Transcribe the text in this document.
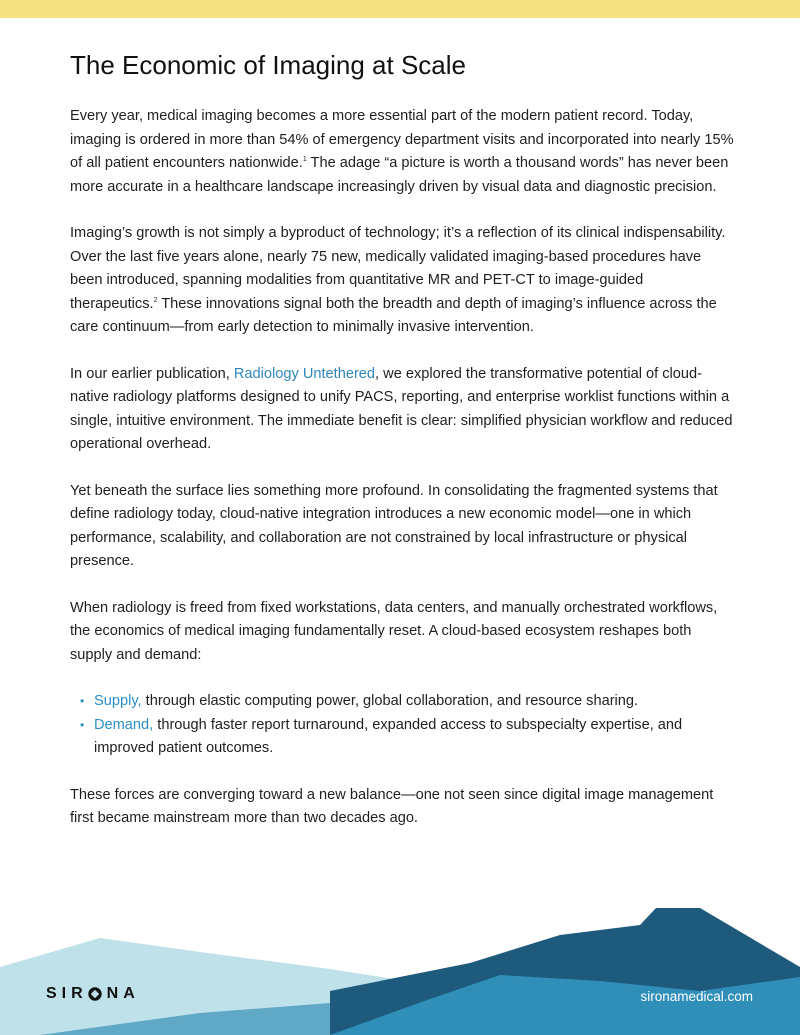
The Economic of Imaging at Scale

Every year, medical imaging becomes a more essential part of the modern patient record. Today, imaging is ordered in more than 54% of emergency department visits and incorporated into nearly 15% of all patient encounters nationwide.$^1$ The adage “a picture is worth a thousand words” has never been more accurate in a healthcare landscape increasingly driven by visual data and diagnostic precision.

Imaging’s growth is not simply a byproduct of technology; it’s a reflection of its clinical indispensability. Over the last five years alone, nearly 75 new, medically validated imaging-based procedures have been introduced, spanning modalities from quantitative MR and PET-CT to image-guided therapeutics.$^2$ These innovations signal both the breadth and depth of imaging’s influence across the care continuum—from early detection to minimally invasive intervention.

In our earlier publication, Radiology Untethered, we explored the transformative potential of cloud-native radiology platforms designed to unify PACS, reporting, and enterprise worklist functions within a single, intuitive environment. The immediate benefit is clear: simplified physician workflow and reduced operational overhead.

Yet beneath the surface lies something more profound. In consolidating the fragmented systems that define radiology today, cloud-native integration introduces a new economic model—one in which performance, scalability, and collaboration are not constrained by local infrastructure or physical presence.

When radiology is freed from fixed workstations, data centers, and manually orchestrated workflows, the economics of medical imaging fundamentally reset. A cloud-based ecosystem reshapes both supply and demand:

• Supply, through elastic computing power, global collaboration, and resource sharing.
• Demand, through faster report turnaround, expanded access to subspecialty expertise, and improved patient outcomes.

These forces are converging toward a new balance—one not seen since digital image management first became mainstream more than two decades ago.

SIR NA	sironamedical.com
